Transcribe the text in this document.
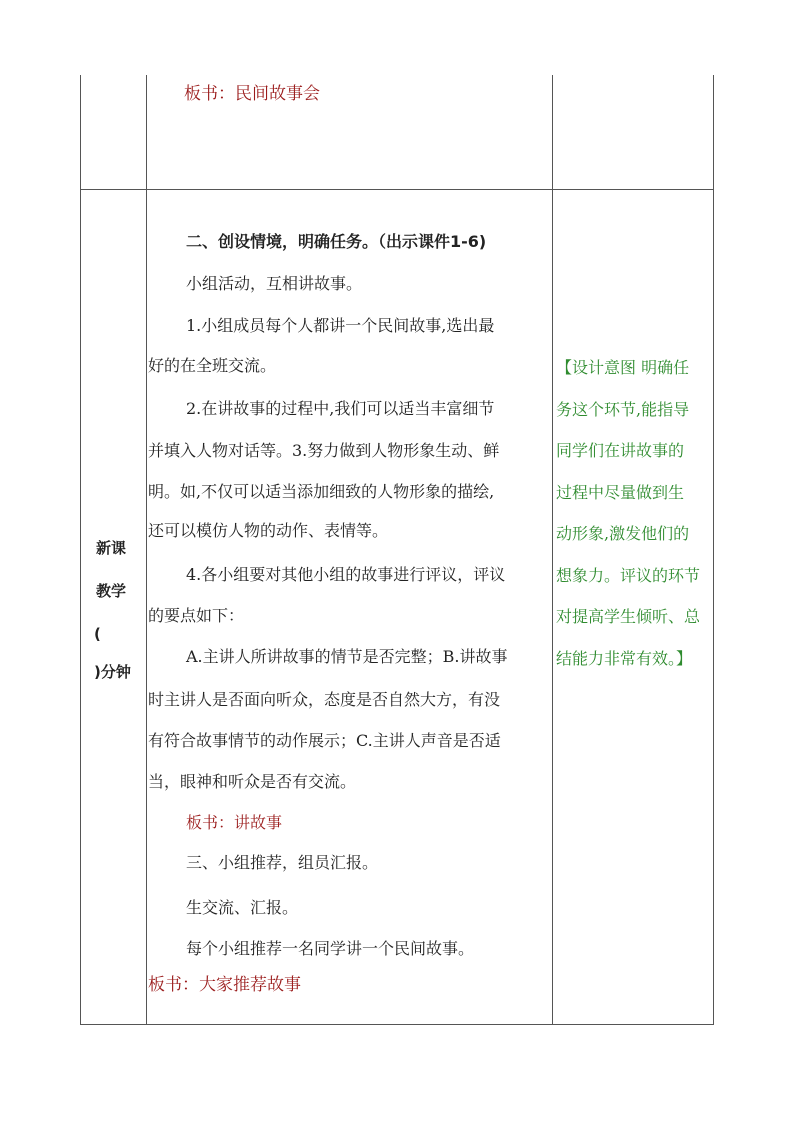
板书：民间故事会
新课
教学
(
)分钟
二、创设情境，明确任务。（出示课件1-6)
小组活动，互相讲故事。
1.小组成员每个人都讲一个民间故事,选出最
好的在全班交流。
2.在讲故事的过程中,我们可以适当丰富细节
并填入人物对话等。3.努力做到人物形象生动、鲜
明。如,不仅可以适当添加细致的人物形象的描绘,
还可以模仿人物的动作、表情等。
4.各小组要对其他小组的故事进行评议，评议
的要点如下：
A.主讲人所讲故事的情节是否完整；B.讲故事
时主讲人是否面向听众，态度是否自然大方，有没
有符合故事情节的动作展示；C.主讲人声音是否适
当，眼神和听众是否有交流。
板书：讲故事
三、小组推荐，组员汇报。
生交流、汇报。
每个小组推荐一名同学讲一个民间故事。
板书：大家推荐故事
【设计意图 明确任
务这个环节,能指导
同学们在讲故事的
过程中尽量做到生
动形象,激发他们的
想象力。评议的环节
对提高学生倾听、总
结能力非常有效。】
